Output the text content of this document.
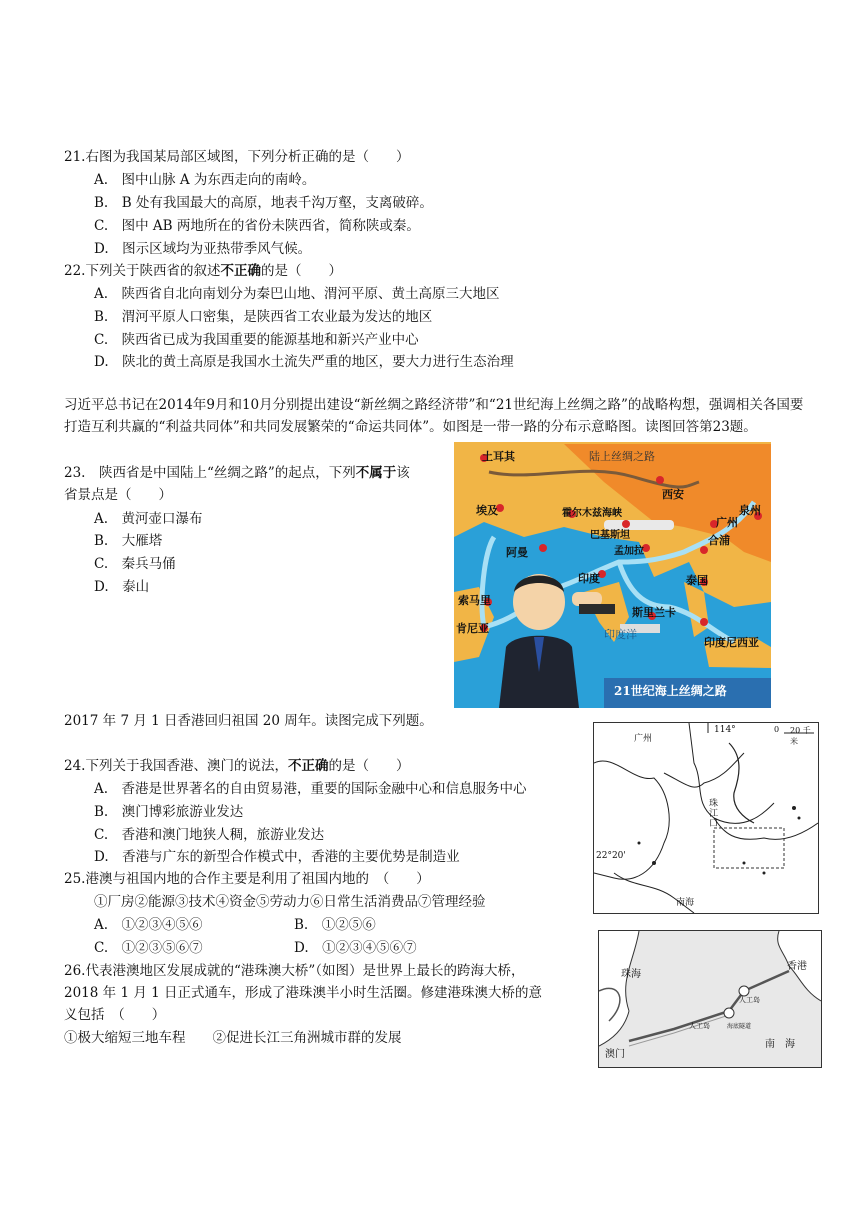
21.右图为我国某局部区域图，下列分析正确的是（　　）
A.　图中山脉 A 为东西走向的南岭。
B.　B 处有我国最大的高原，地表千沟万壑，支离破碎。
C.　图中 AB 两地所在的省份未陕西省，简称陕或秦。
D.　图示区域均为亚热带季风气候。
22.下列关于陕西省的叙述不正确的是（　　）
A.　陕西省自北向南划分为秦巴山地、渭河平原、黄土高原三大地区
B.　渭河平原人口密集，是陕西省工农业最为发达的地区
C.　陕西省已成为我国重要的能源基地和新兴产业中心
D.　陕北的黄土高原是我国水土流失严重的地区，要大力进行生态治理
习近平总书记在2014年9月和10月分别提出建设“新丝绸之路经济带”和“21世纪海上丝绸之路”的战略构想，强调相关各国要打造互利共赢的“利益共同体”和共同发展繁荣的“命运共同体”。如图是一带一路的分布示意略图。读图回答第23题。
23.　陕西省是中国陆上“丝绸之路”的起点，下列不属于该
省景点是（　　）
A.　黄河壶口瀑布
B.　大雁塔
C.　秦兵马俑
D.　泰山
土耳其	陆上丝绸之路
西安
埃及	霍尔木兹海峡
巴基斯坦
广州
泉州
孟加拉
阿曼
合浦
印度	泰国
索马里
斯里兰卡
肯尼亚
印度尼西亚
印度洋
21世纪海上丝绸之路
2017 年 7 月 1 日香港回归祖国 20 周年。读图完成下列题。
广州
114°	0 20 千米
珠江口
22°20'
南海
24.下列关于我国香港、澳门的说法，不正确的是（　　）
A.　香港是世界著名的自由贸易港，重要的国际金融中心和信息服务中心
B.　澳门博彩旅游业发达
C.　香港和澳门地狭人稠，旅游业发达
D.　香港与广东的新型合作模式中，香港的主要优势是制造业
25.港澳与祖国内地的合作主要是利用了祖国内地的　（　　）
①厂房②能源③技术④资金⑤劳动力⑥日常生活消费品⑦管理经验
A.　①②③④⑤⑥	B.　①②⑤⑥
C.　①②③⑤⑥⑦	D.　①②③④⑤⑥⑦
珠海
香港
澳门
人工岛
人工岛	海底隧道
南　海
26.代表港澳地区发展成就的“港珠澳大桥”（如图）是世界上最长的跨海大桥，
2018 年 1 月 1 日正式通车，形成了港珠澳半小时生活圈。修建港珠澳大桥的意
义包括　（　　）
①极大缩短三地车程　　②促进长江三角洲城市群的发展
